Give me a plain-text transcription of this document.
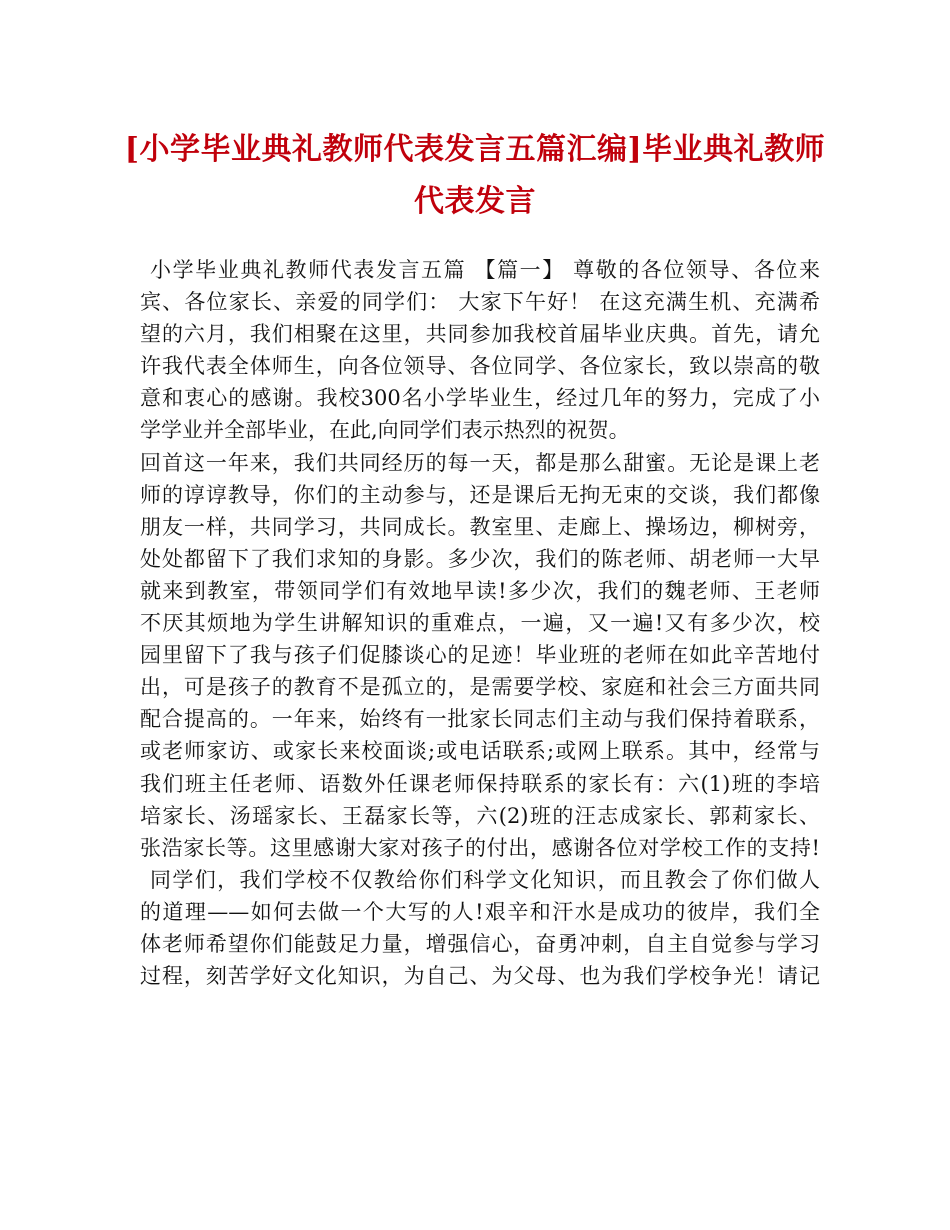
[小学毕业典礼教师代表发言五篇汇编]毕业典礼教师
代表发言
小学毕业典礼教师代表发言五篇 【篇一】 尊敬的各位领导、各位来
宾、各位家长、亲爱的同学们： 大家下午好！ 在这充满生机、充满希
望的六月，我们相聚在这里，共同参加我校首届毕业庆典。首先，请允
许我代表全体师生，向各位领导、各位同学、各位家长，致以崇高的敬
意和衷心的感谢。我校300名小学毕业生，经过几年的努力，完成了小
学学业并全部毕业，在此,向同学们表示热烈的祝贺。
回首这一年来，我们共同经历的每一天，都是那么甜蜜。无论是课上老
师的谆谆教导，你们的主动参与，还是课后无拘无束的交谈，我们都像
朋友一样，共同学习，共同成长。教室里、走廊上、操场边，柳树旁，
处处都留下了我们求知的身影。多少次，我们的陈老师、胡老师一大早
就来到教室，带领同学们有效地早读!多少次，我们的魏老师、王老师
不厌其烦地为学生讲解知识的重难点，一遍，又一遍!又有多少次，校
园里留下了我与孩子们促膝谈心的足迹！毕业班的老师在如此辛苦地付
出，可是孩子的教育不是孤立的，是需要学校、家庭和社会三方面共同
配合提高的。一年来，始终有一批家长同志们主动与我们保持着联系，
或老师家访、或家长来校面谈;或电话联系;或网上联系。其中，经常与
我们班主任老师、语数外任课老师保持联系的家长有：六(1)班的李培
培家长、汤瑶家长、王磊家长等，六(2)班的汪志成家长、郭莉家长、
张浩家长等。这里感谢大家对孩子的付出，感谢各位对学校工作的支持!
同学们，我们学校不仅教给你们科学文化知识，而且教会了你们做人
的道理——如何去做一个大写的人!艰辛和汗水是成功的彼岸，我们全
体老师希望你们能鼓足力量，增强信心，奋勇冲刺，自主自觉参与学习
过程，刻苦学好文化知识，为自己、为父母、也为我们学校争光！请记
